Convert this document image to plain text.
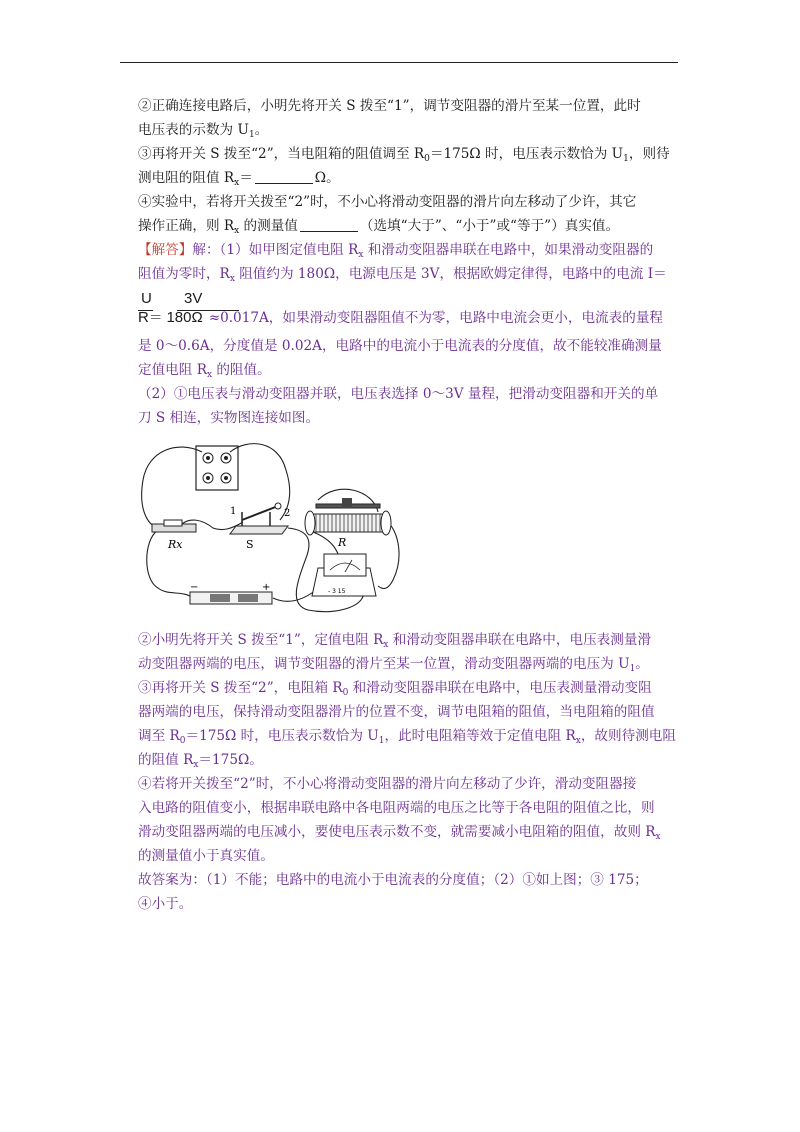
②正确连接电路后，小明先将开关 S 拨至“1”，调节变阻器的滑片至某一位置，此时
电压表的示数为 $U_1$。
③再将开关 S 拨至“2”，当电阻箱的阻值调至 $R_0=175\Omega$ 时，电压表示数恰为 $U_1$，则待
测电阻的阻值 $R_x=$	Ω。
④实验中，若将开关拨至“2”时，不小心将滑动变阻器的滑片向左移动了少许，其它
操作正确，则 $R_x$ 的测量值	（选填“大于”、“小于”或“等于”）真实值。
【解答】解：（1）如甲图定值电阻 $R_x$ 和滑动变阻器串联在电路中，如果滑动变阻器的
阻值为零时，$R_x$ 阻值约为 180Ω，电源电压是 3V，根据欧姆定律得，电路中的电流 I＝
U 3V
R＝ 180Ω ≈0.017A，如果滑动变阻器阻值不为零，电路中电流会更小，电流表的量程
是 0～0.6A，分度值是 0.02A，电路中的电流小于电流表的分度值，故不能较准确测量
定值电阻 $R_x$ 的阻值。
（2）①电压表与滑动变阻器并联，电压表选择 0～3V 量程，把滑动变阻器和开关的单
刀 S 相连，实物图连接如图。
Rx
1	2
S	R
- 3 15
−	+
②小明先将开关 S 拨至“1”，定值电阻 $R_x$ 和滑动变阻器串联在电路中，电压表测量滑
动变阻器两端的电压，调节变阻器的滑片至某一位置，滑动变阻器两端的电压为 $U_1$。
③再将开关 S 拨至“2”，电阻箱 $R_0$ 和滑动变阻器串联在电路中，电压表测量滑动变阻
器两端的电压，保持滑动变阻器滑片的位置不变，调节电阻箱的阻值，当电阻箱的阻值
调至 $R_0=175\Omega$ 时，电压表示数恰为 $U_1$，此时电阻箱等效于定值电阻 $R_x$，故则待测电阻
的阻值 $R_x=175\Omega$。
④若将开关拨至“2”时，不小心将滑动变阻器的滑片向左移动了少许，滑动变阻器接
入电路的阻值变小，根据串联电路中各电阻两端的电压之比等于各电阻的阻值之比，则
滑动变阻器两端的电压减小，要使电压表示数不变，就需要减小电阻箱的阻值，故则 $R_x$
的测量值小于真实值。
故答案为：（1）不能；电路中的电流小于电流表的分度值；（2）①如上图；③ 175；
④小于。
